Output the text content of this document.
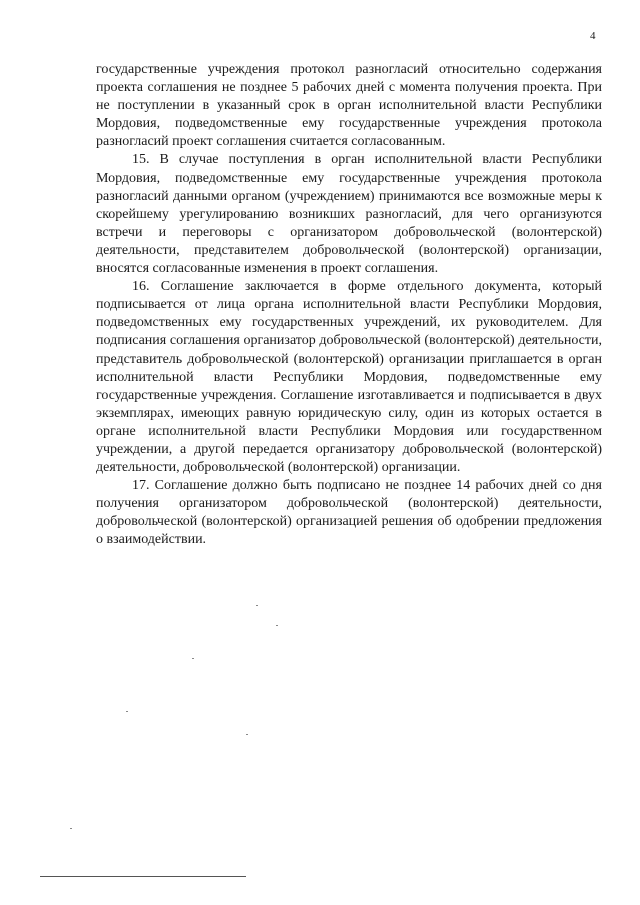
4

государственные учреждения протокол разногласий относительно содержания проекта соглашения не позднее 5 рабочих дней с момента получения проекта. При не поступлении в указанный срок в орган исполнительной власти Республики Мордовия, подведомственные ему государственные учреждения протокола разногласий проект соглашения считается согласованным.

15. В случае поступления в орган исполнительной власти Республики Мордовия, подведомственные ему государственные учреждения протокола разногласий данными органом (учреждением) принимаются все возможные меры к скорейшему урегулированию возникших разногласий, для чего организуются встречи и переговоры с организатором добровольческой (волонтерской) деятельности, представителем добровольческой (волонтерской) организации, вносятся согласованные изменения в проект соглашения.

16. Соглашение заключается в форме отдельного документа, который подписывается от лица органа исполнительной власти Республики Мордовия, подведомственных ему государственных учреждений, их руководителем. Для подписания соглашения организатор добровольческой (волонтерской) деятельности, представитель добровольческой (волонтерской) организации приглашается в орган исполнительной власти Республики Мордовия, подведомственные ему государственные учреждения. Соглашение изготавливается и подписывается в двух экземплярах, имеющих равную юридическую силу, один из которых остается в органе исполнительной власти Республики Мордовия или государственном учреждении, а другой передается организатору добровольческой (волонтерской) деятельности, добровольческой (волонтерской) организации.

17. Соглашение должно быть подписано не позднее 14 рабочих дней со дня получения организатором добровольческой (волонтерской) деятельности, добровольческой (волонтерской) организацией решения об одобрении предложения о взаимодействии.
